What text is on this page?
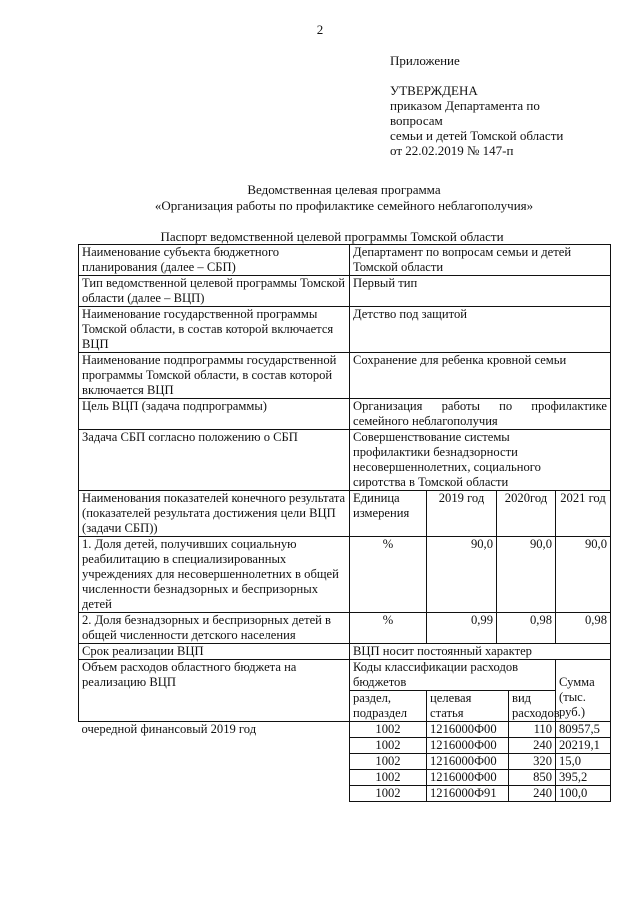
2
Приложение
УТВЕРЖДЕНА
приказом Департамента по
вопросам
семьи и детей Томской области
от 22.02.2019 № 147-п
Ведомственная целевая программа
«Организация работы по профилактике семейного неблагополучия»
Паспорт ведомственной целевой программы Томской области
Наименование субъекта бюджетного планирования (далее – СБП)	Департамент по вопросам семьи и детей Томской области				
Тип ведомственной целевой программы Томской области (далее – ВЦП)	Первый тип				
Наименование государственной программы Томской области, в состав которой включается ВЦП	Детство под защитой				
Наименование подпрограммы государственной программы Томской области, в состав которой включается ВЦП	Сохранение для ребенка кровной семьи				
Цель ВЦП (задача подпрограммы)	Организация работы по профилактике семейного неблагополучия				
Задача СБП согласно положению о СБП	Совершенствование системы профилактики безнадзорности несовершеннолетних, социального сиротства в Томской области				
Наименования показателей конечного результата (показателей результата достижения цели ВЦП (задачи СБП))	Единица измерения	2019 год	2020год		2021 год
1. Доля детей, получивших социальную реабилитацию в специализированных учреждениях для несовершеннолетних в общей численности безнадзорных и беспризорных детей	%	90,0	90,0		90,0
2. Доля безнадзорных и беспризорных детей в общей численности детского населения	%	0,99	0,98		0,98
Срок реализации ВЦП	ВЦП носит постоянный характер				
Объем расходов областного бюджета на реализацию ВЦП	Коды классификации расходов бюджетов				Сумма (тыс. руб.)

	раздел, подраздел	целевая статья		вид расходов	
очередной финансовый 2019 год	1002	1216000Ф00		110	80957,5
	1002	1216000Ф00		240	20219,1
	1002	1216000Ф00		320	15,0
	1002	1216000Ф00		850	395,2
	1002	1216000Ф91		240	100,0
